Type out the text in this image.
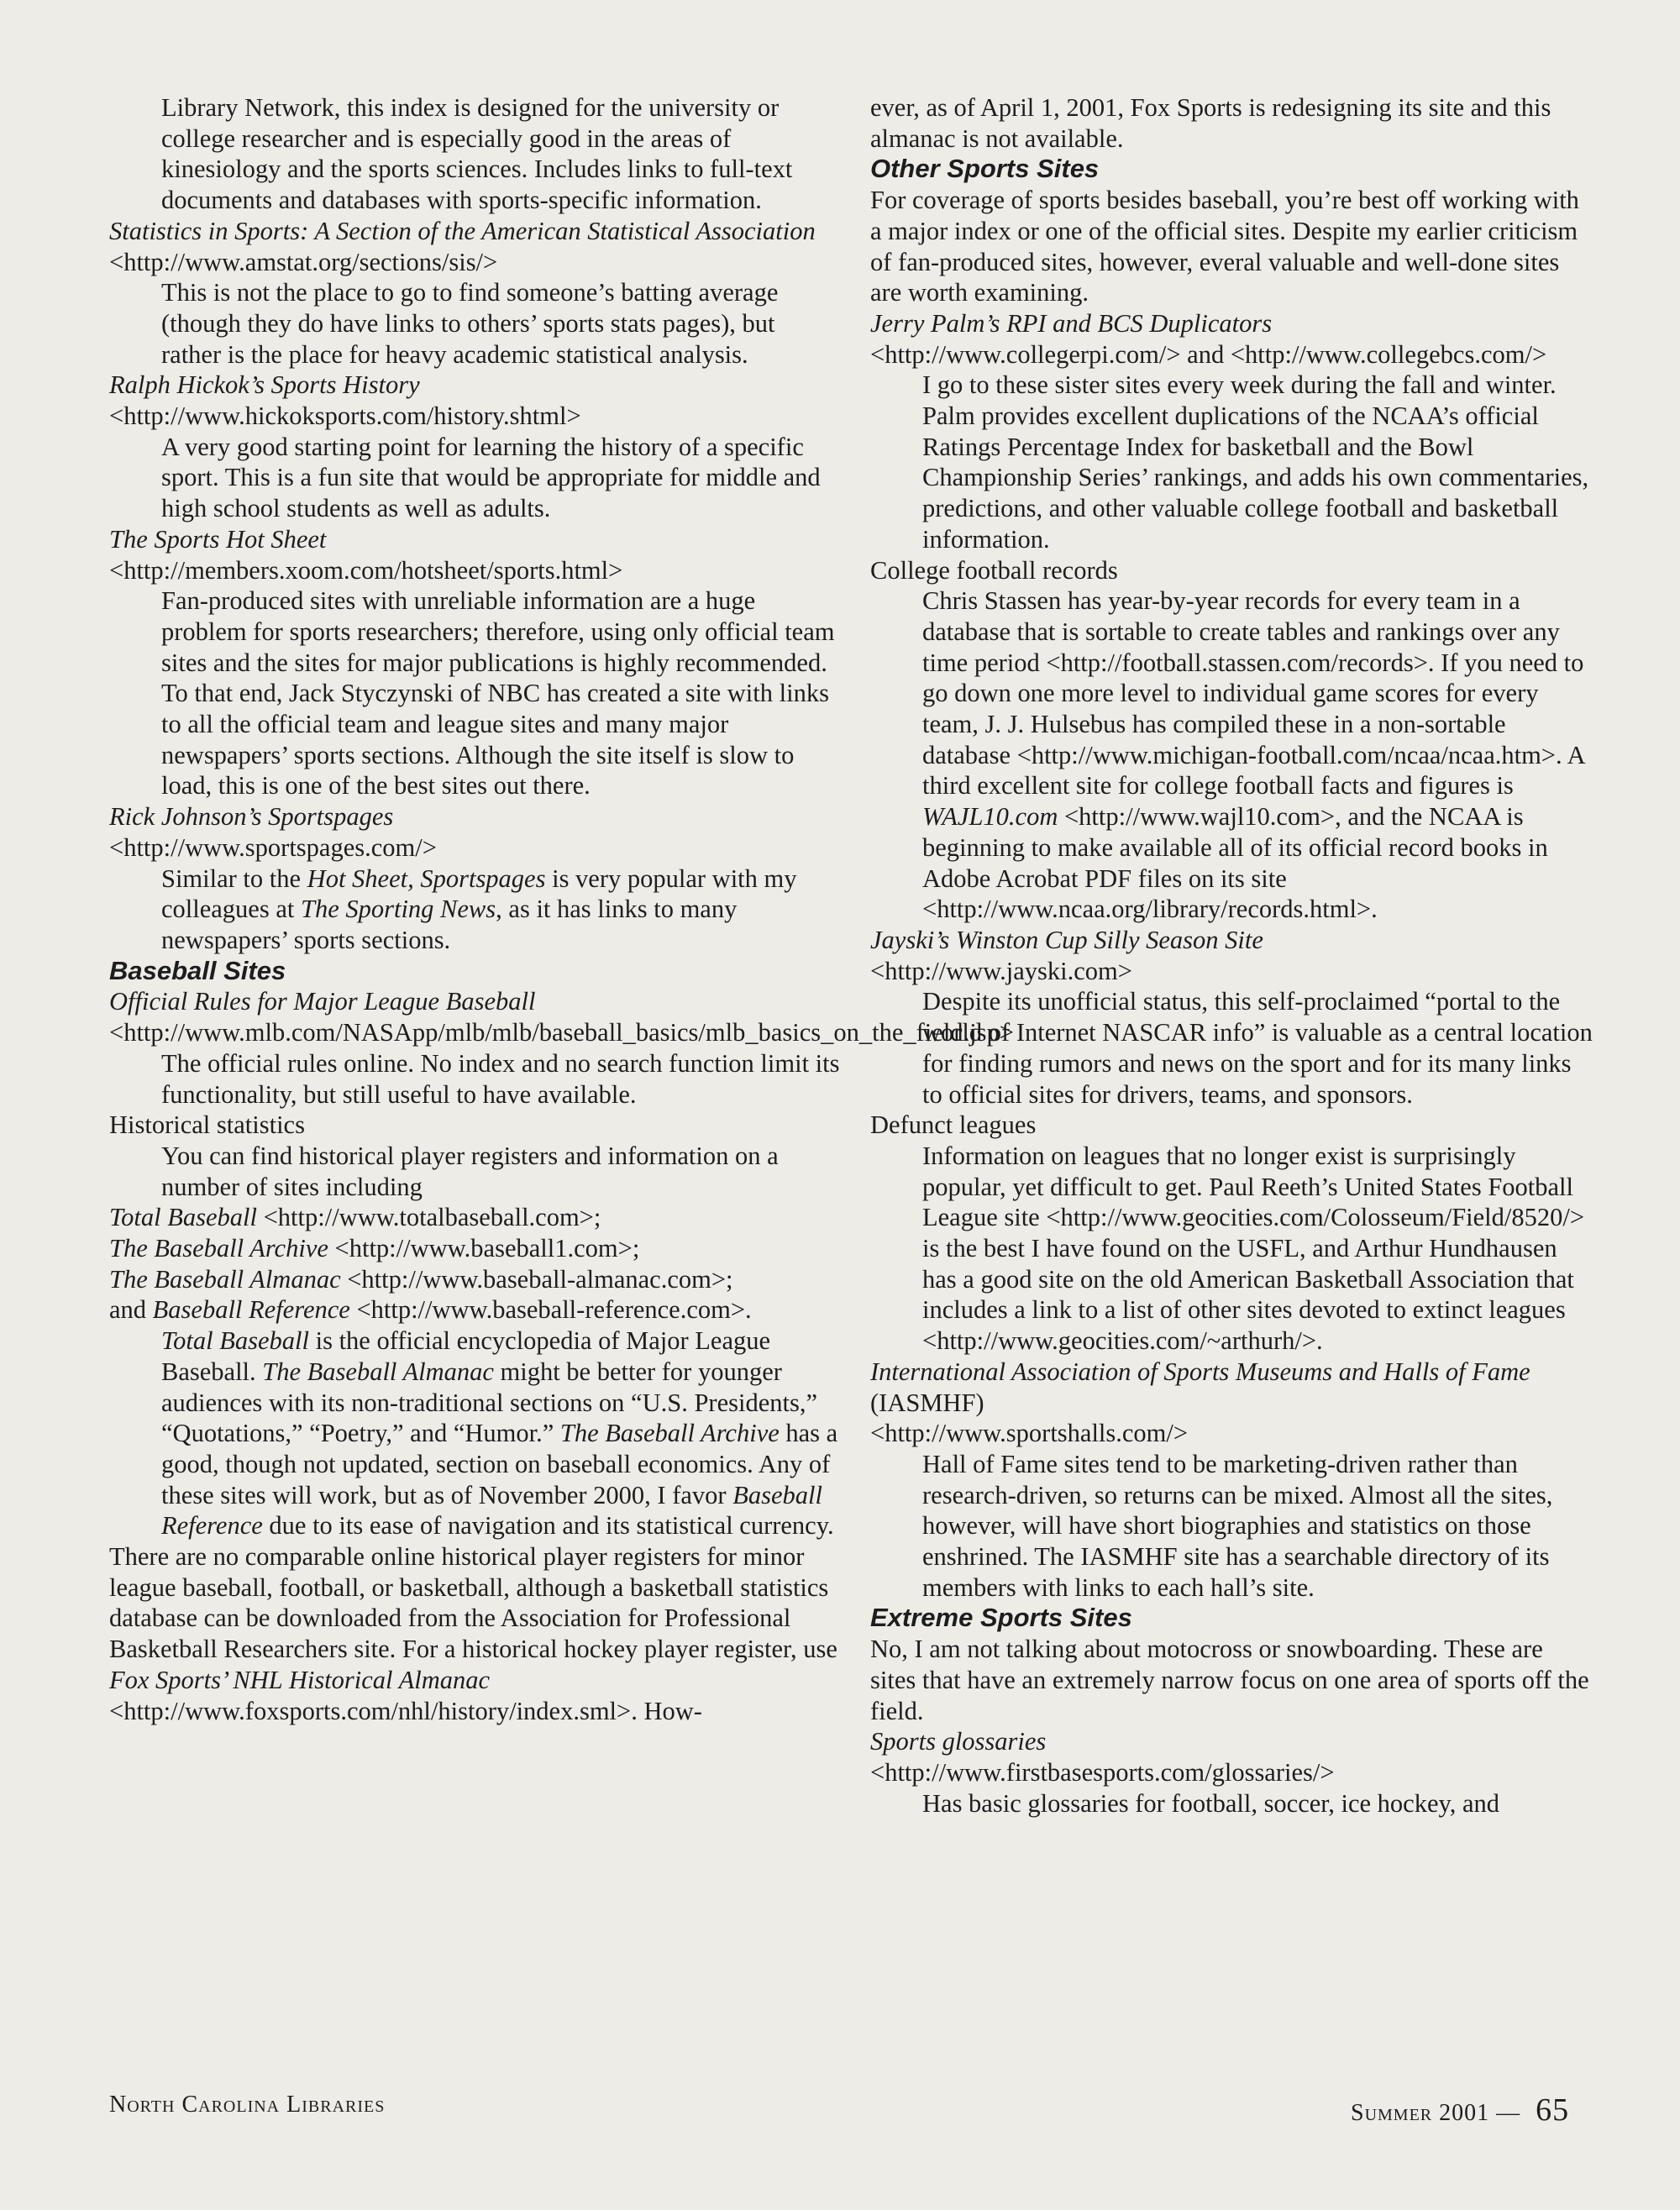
Library Network, this index is designed for the university or college researcher and is especially good in the areas of kinesiology and the sports sciences. Includes links to full-text documents and databases with sports-specific information.

Statistics in Sports: A Section of the American Statistical Association

<http://www.amstat.org/sections/sis/>

This is not the place to go to find someone’s batting average (though they do have links to others’ sports stats pages), but rather is the place for heavy academic statistical analysis.

Ralph Hickok’s Sports History

<http://www.hickoksports.com/history.shtml>

A very good starting point for learning the history of a specific sport. This is a fun site that would be appropriate for middle and high school students as well as adults.

The Sports Hot Sheet

<http://members.xoom.com/hotsheet/sports.html>

Fan-produced sites with unreliable information are a huge problem for sports researchers; therefore, using only official team sites and the sites for major publications is highly recommended. To that end, Jack Styczynski of NBC has created a site with links to all the official team and league sites and many major newspapers’ sports sections. Although the site itself is slow to load, this is one of the best sites out there.

Rick Johnson’s Sportspages

<http://www.sportspages.com/>

Similar to the Hot Sheet, Sportspages is very popular with my colleagues at The Sporting News, as it has links to many newspapers’ sports sections.

Baseball Sites

Official Rules for Major League Baseball

<http://www.mlb.com/NASApp/mlb/mlb/baseball_basics/mlb_basics_on_the_field.jsp>

The official rules online. No index and no search function limit its functionality, but still useful to have available.

Historical statistics

You can find historical player registers and information on a number of sites including

Total Baseball <http://www.totalbaseball.com>;

The Baseball Archive <http://www.baseball1.com>;

The Baseball Almanac <http://www.baseball-almanac.com>;

and Baseball Reference <http://www.baseball-reference.com>.

Total Baseball is the official encyclopedia of Major League Baseball. The Baseball Almanac might be better for younger audiences with its non-traditional sections on “U.S. Presidents,” “Quotations,” “Poetry,” and “Humor.” The Baseball Archive has a good, though not updated, section on baseball economics. Any of these sites will work, but as of November 2000, I favor Baseball Reference due to its ease of navigation and its statistical currency.

There are no comparable online historical player registers for minor league baseball, football, or basketball, although a basketball statistics database can be downloaded from the Association for Professional Basketball Researchers site. For a historical hockey player register, use Fox Sports’ NHL Historical Almanac <http://www.foxsports.com/nhl/history/index.sml>. How-

ever, as of April 1, 2001, Fox Sports is redesigning its site and this almanac is not available.

Other Sports Sites

For coverage of sports besides baseball, you’re best off working with a major index or one of the official sites. Despite my earlier criticism of fan-produced sites, however, everal valuable and well-done sites are worth examining.

Jerry Palm’s RPI and BCS Duplicators

<http://www.collegerpi.com/> and <http://www.collegebcs.com/>

I go to these sister sites every week during the fall and winter. Palm provides excellent duplications of the NCAA’s official Ratings Percentage Index for basketball and the Bowl Championship Series’ rankings, and adds his own commentaries, predictions, and other valuable college football and basketball information.

College football records

Chris Stassen has year-by-year records for every team in a database that is sortable to create tables and rankings over any time period <http://football.stassen.com/records>. If you need to go down one more level to individual game scores for every team, J. J. Hulsebus has compiled these in a non-sortable database <http://www.michigan-football.com/ncaa/ncaa.htm>. A third excellent site for college football facts and figures is WAJL10.com <http://www.wajl10.com>, and the NCAA is beginning to make available all of its official record books in Adobe Acrobat PDF files on its site <http://www.ncaa.org/library/records.html>.

Jayski’s Winston Cup Silly Season Site

<http://www.jayski.com>

Despite its unofficial status, this self-proclaimed “portal to the world of Internet NASCAR info” is valuable as a central location for finding rumors and news on the sport and for its many links to official sites for drivers, teams, and sponsors.

Defunct leagues

Information on leagues that no longer exist is surprisingly popular, yet difficult to get. Paul Reeth’s United States Football League site <http://www.geocities.com/Colosseum/Field/8520/> is the best I have found on the USFL, and Arthur Hundhausen has a good site on the old American Basketball Association that includes a link to a list of other sites devoted to extinct leagues <http://www.geocities.com/~arthurh/>.

International Association of Sports Museums and Halls of Fame

(IASMHF)

<http://www.sportshalls.com/>

Hall of Fame sites tend to be marketing-driven rather than research-driven, so returns can be mixed. Almost all the sites, however, will have short biographies and statistics on those enshrined. The IASMHF site has a searchable directory of its members with links to each hall’s site.

Extreme Sports Sites

No, I am not talking about motocross or snowboarding. These are sites that have an extremely narrow focus on one area of sports off the field.

Sports glossaries

<http://www.firstbasesports.com/glossaries/>

Has basic glossaries for football, soccer, ice hockey, and

North Carolina Libraries	Summer 2001 — 65
